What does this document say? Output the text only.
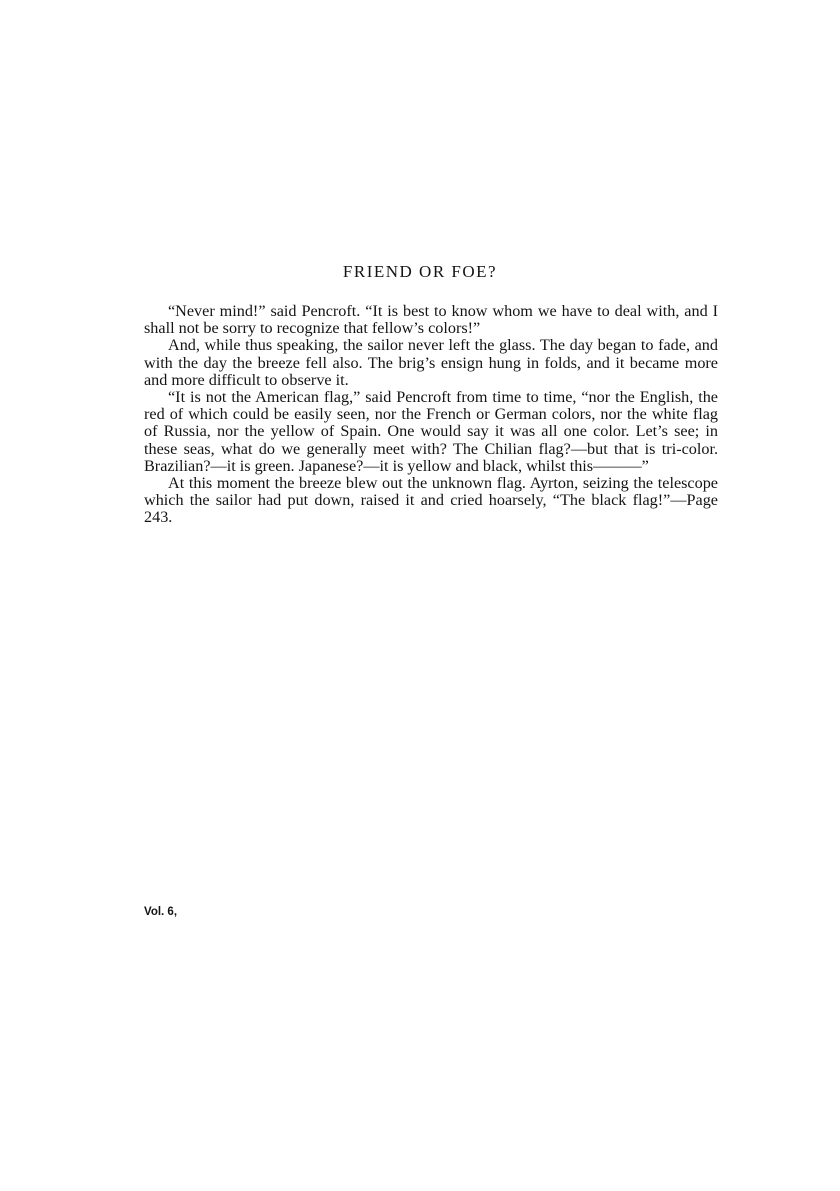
FRIEND OR FOE?

“Never mind!” said Pencroft. “It is best to know whom we have to deal with, and I shall not be sorry to recognize that fellow’s colors!”

And, while thus speaking, the sailor never left the glass. The day began to fade, and with the day the breeze fell also. The brig’s ensign hung in folds, and it became more and more difficult to observe it.

“It is not the American flag,” said Pencroft from time to time, “nor the English, the red of which could be easily seen, nor the French or German colors, nor the white flag of Russia, nor the yellow of Spain. One would say it was all one color. Let’s see; in these seas, what do we generally meet with? The Chilian flag?—but that is tri-color. Brazilian?—it is green. Japanese?—it is yellow and black, whilst this———”

At this moment the breeze blew out the unknown flag. Ayrton, seizing the telescope which the sailor had put down, raised it and cried hoarsely, “The black flag!”—Page 243.

Vol. 6,
